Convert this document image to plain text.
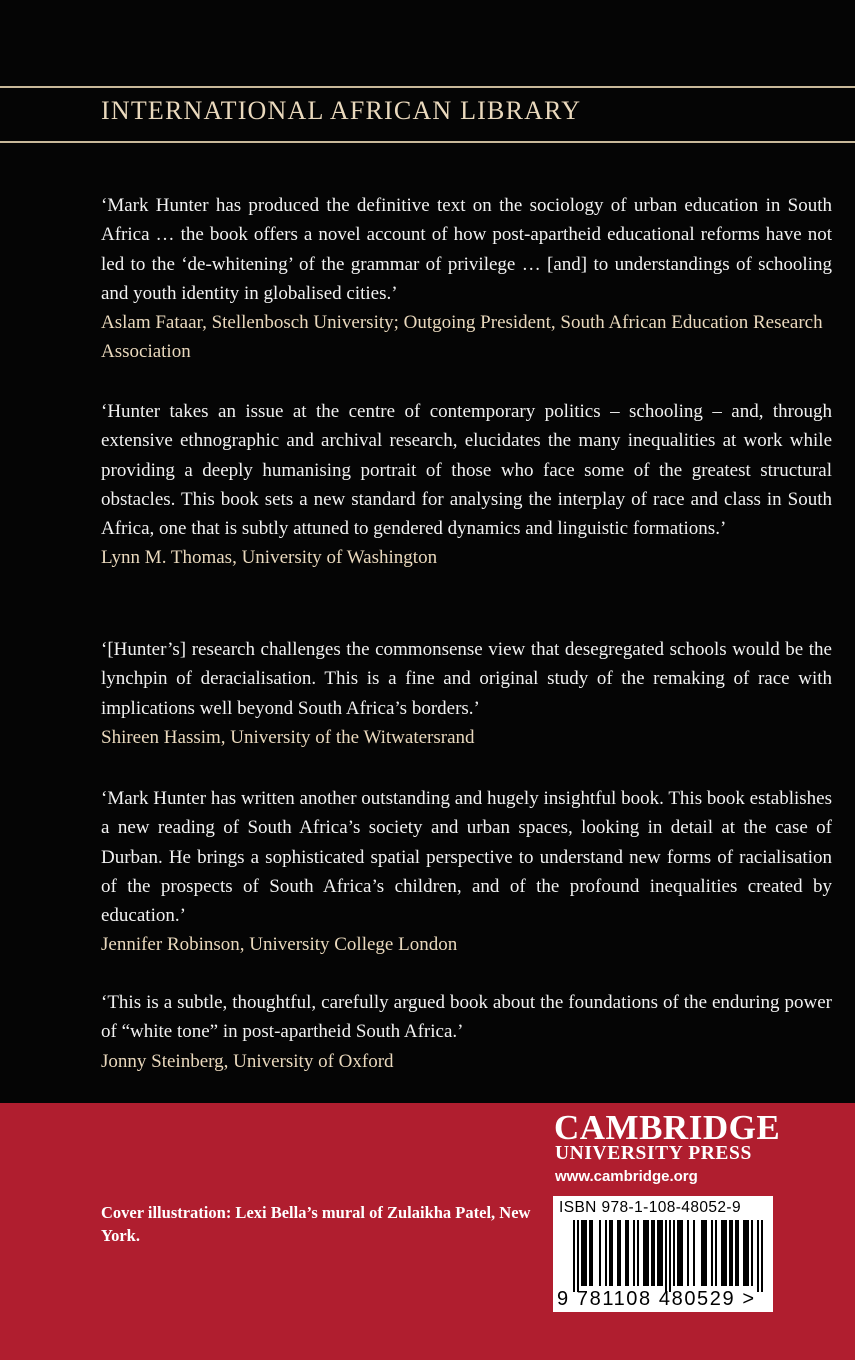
INTERNATIONAL AFRICAN LIBRARY

‘Mark Hunter has produced the definitive text on the sociology of urban education in South Africa … the book offers a novel account of how post-apartheid educational reforms have not led to the ‘de-whitening’ of the grammar of privilege … [and] to understandings of schooling and youth identity in globalised cities.’

Aslam Fataar, Stellenbosch University; Outgoing President, South African Education Research Association

‘Hunter takes an issue at the centre of contemporary politics – schooling – and, through extensive ethnographic and archival research, elucidates the many inequalities at work while providing a deeply humanising portrait of those who face some of the greatest structural obstacles. This book sets a new standard for analysing the interplay of race and class in South Africa, one that is subtly attuned to gendered dynamics and linguistic formations.’

Lynn M. Thomas, University of Washington

‘[Hunter’s] research challenges the commonsense view that desegregated schools would be the lynchpin of deracialisation. This is a fine and original study of the remaking of race with implications well beyond South Africa’s borders.’

Shireen Hassim, University of the Witwatersrand

‘Mark Hunter has written another outstanding and hugely insightful book. This book establishes a new reading of South Africa’s society and urban spaces, looking in detail at the case of Durban. He brings a sophisticated spatial perspective to understand new forms of racialisation of the prospects of South Africa’s children, and of the profound inequalities created by education.’

Jennifer Robinson, University College London

‘This is a subtle, thoughtful, carefully argued book about the foundations of the enduring power of “white tone” in post-apartheid South Africa.’

Jonny Steinberg, University of Oxford

Cover illustration: Lexi Bella’s mural of Zulaikha Patel, New York.
CAMBRIDGE
UNIVERSITY PRESS
www.cambridge.org
ISBN 978-1-108-48052-9
9 781108 480529 >
